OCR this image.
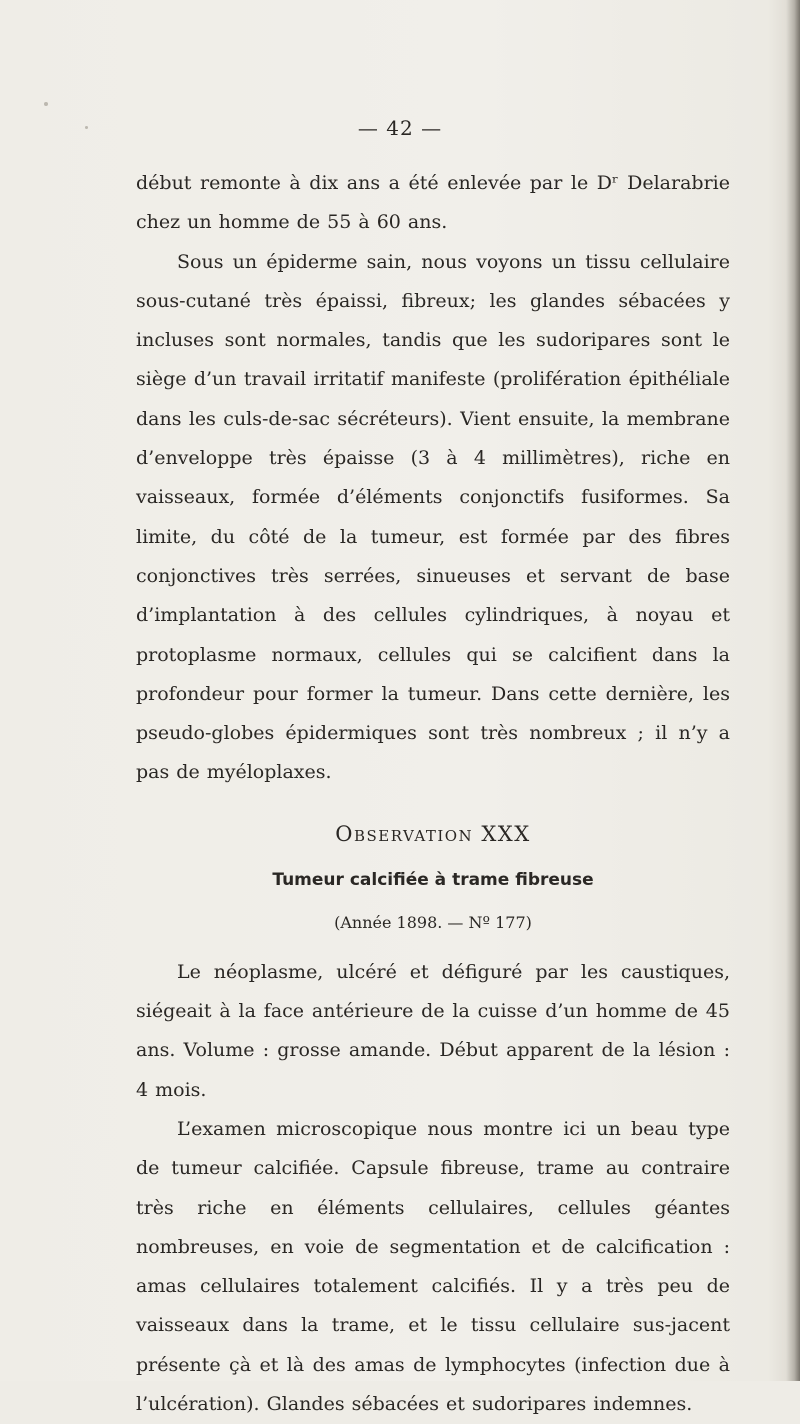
— 42 —

début remonte à dix ans a été enlevée par le Dʳ Delarabrie chez un homme de 55 à 60 ans.

Sous un épiderme sain, nous voyons un tissu cellulaire sous-cutané très épaissi, fibreux; les glandes sébacées y incluses sont normales, tandis que les sudoripares sont le siège d’un travail irritatif manifeste (prolifération épithéliale dans les culs-de-sac sécréteurs). Vient ensuite, la membrane d’enveloppe très épaisse (3 à 4 millimètres), riche en vaisseaux, formée d’éléments conjonctifs fusiformes. Sa limite, du côté de la tumeur, est formée par des fibres conjonctives très serrées, sinueuses et servant de base d’implantation à des cellules cylindriques, à noyau et protoplasme normaux, cellules qui se calcifient dans la profondeur pour former la tumeur. Dans cette dernière, les pseudo-globes épidermiques sont très nombreux ; il n’y a pas de myéloplaxes.

Observation XXX
Tumeur calcifiée à trame fibreuse
(Année 1898. — Nº 177)

Le néoplasme, ulcéré et défiguré par les caustiques, siégeait à la face antérieure de la cuisse d’un homme de 45 ans. Volume : grosse amande. Début apparent de la lésion : 4 mois.

L’examen microscopique nous montre ici un beau type de tumeur calcifiée. Capsule fibreuse, trame au contraire très riche en éléments cellulaires, cellules géantes nombreuses, en voie de segmentation et de calcification : amas cellulaires totalement calcifiés. Il y a très peu de vaisseaux dans la trame, et le tissu cellulaire sus-jacent présente çà et là des amas de lymphocytes (infection due à l’ulcération). Glandes sébacées et sudoripares indemnes.
